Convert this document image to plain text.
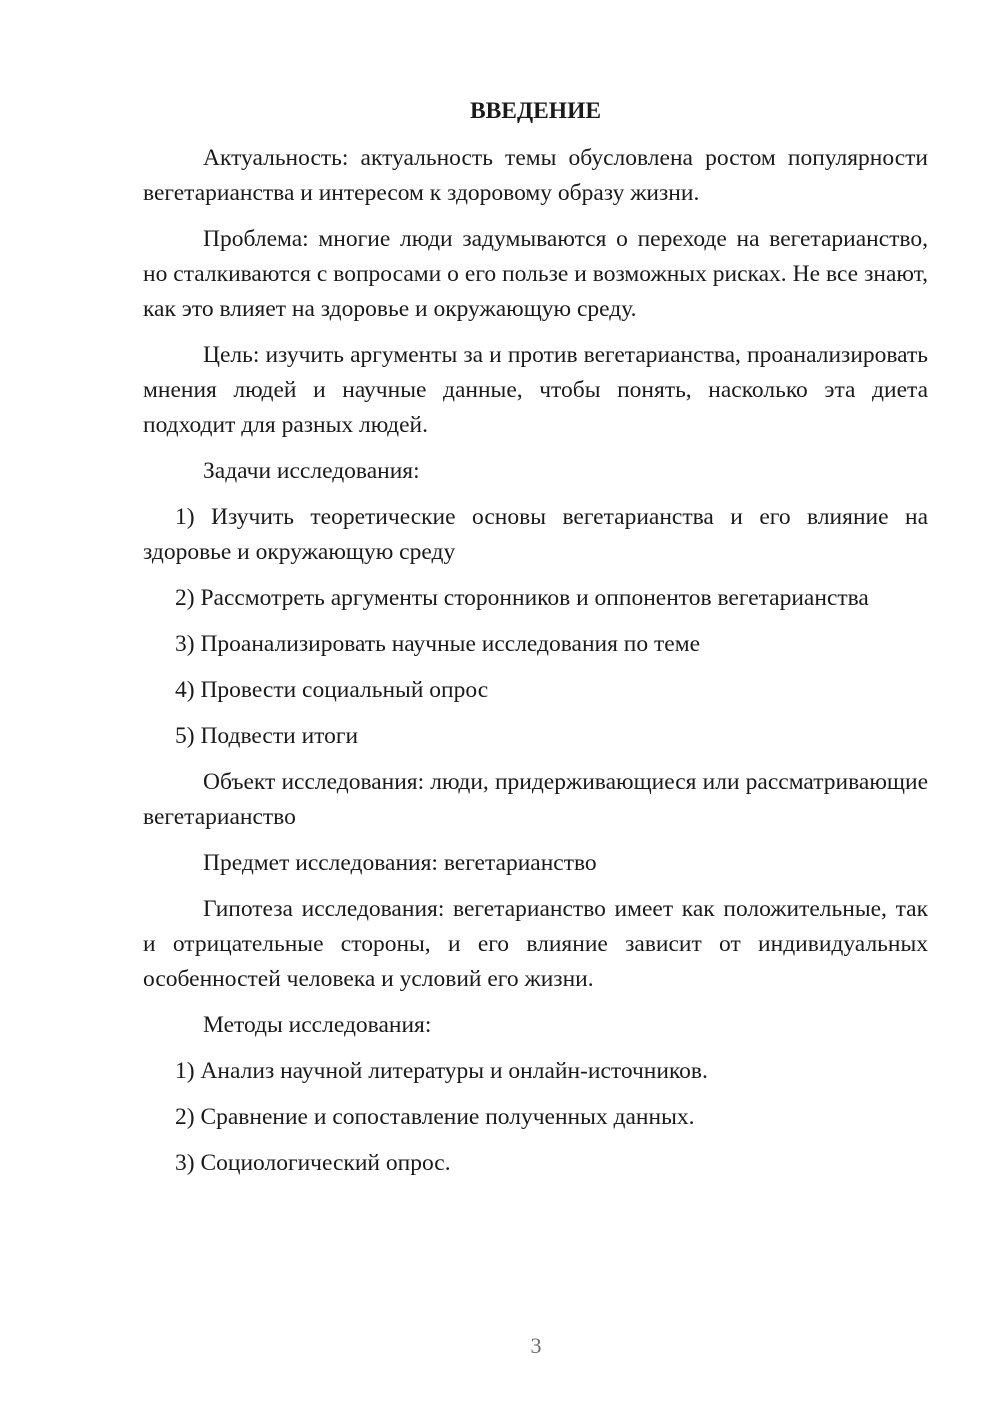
ВВЕДЕНИЕ

Актуальность: актуальность темы обусловлена ростом популярности вегетарианства и интересом к здоровому образу жизни.

Проблема: многие люди задумываются о переходе на вегетарианство, но сталкиваются с вопросами о его пользе и возможных рисках. Не все знают, как это влияет на здоровье и окружающую среду.

Цель: изучить аргументы за и против вегетарианства, проанализировать мнения людей и научные данные, чтобы понять, насколько эта диета подходит для разных людей.

Задачи исследования:

1) Изучить теоретические основы вегетарианства и его влияние на здоровье и окружающую среду

2) Рассмотреть аргументы сторонников и оппонентов вегетарианства

3) Проанализировать научные исследования по теме

4) Провести социальный опрос

5) Подвести итоги

Объект исследования: люди, придерживающиеся или рассматривающие вегетарианство

Предмет исследования: вегетарианство

Гипотеза исследования: вегетарианство имеет как положительные, так и отрицательные стороны, и его влияние зависит от индивидуальных особенностей человека и условий его жизни.

Методы исследования:

1) Анализ научной литературы и онлайн-источников.

2) Сравнение и сопоставление полученных данных.

3) Социологический опрос.

3
